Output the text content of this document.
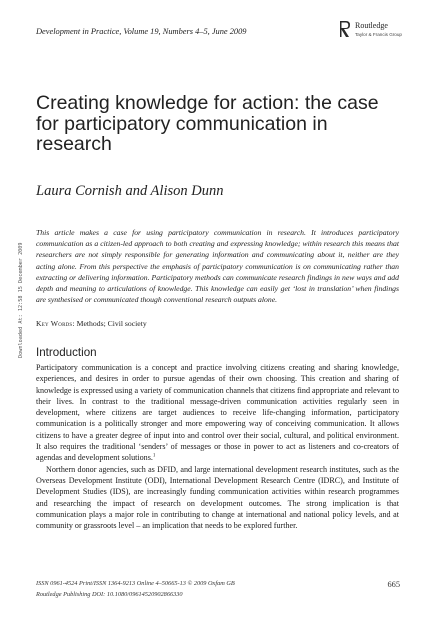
Development in Practice, Volume 19, Numbers 4–5, June 2009
Routledge
Taylor & Francis Group
Downloaded At: 12:58 15 December 2009
Creating knowledge for action: the case for participatory communication in research
Laura Cornish and Alison Dunn
This article makes a case for using participatory communication in research. It introduces participatory communication as a citizen-led approach to both creating and expressing knowledge; within research this means that researchers are not simply responsible for generating information and communicating about it, neither are they acting alone. From this perspective the emphasis of participatory communication is on communicating rather than extracting or delivering information. Participatory methods can communicate research findings in new ways and add depth and meaning to articulations of knowledge. This knowledge can easily get ‘lost in translation’ when findings are synthesised or communicated though conventional research outputs alone.
Key Words: Methods; Civil society
Introduction

Participatory communication is a concept and practice involving citizens creating and sharing knowledge, experiences, and desires in order to pursue agendas of their own choosing. This creation and sharing of knowledge is expressed using a variety of communication channels that citizens find appropriate and relevant to their lives. In contrast to the traditional message-driven communication activities regularly seen in development, where citizens are target audiences to receive life-changing information, participatory communication is a politically stronger and more empowering way of conceiving communication. It allows citizens to have a greater degree of input into and control over their social, cultural, and political environment. It also requires the traditional ‘senders’ of messages or those in power to act as listeners and co-creators of agendas and development solutions.$^1$

Northern donor agencies, such as DFID, and large international development research institutes, such as the Overseas Development Institute (ODI), International Development Research Centre (IDRC), and Institute of Development Studies (IDS), are increasingly funding communication activities within research programmes and researching the impact of research on development outcomes. The strong implication is that communication plays a major role in contributing to change at international and national policy levels, and at community or grassroots level – an implication that needs to be explored further.

ISSN 0961-4524 Print/ISSN 1364-9213 Online 4–50665-13 © 2009 Oxfam GB
Routledge Publishing DOI: 10.1080/09614520902866330
665
